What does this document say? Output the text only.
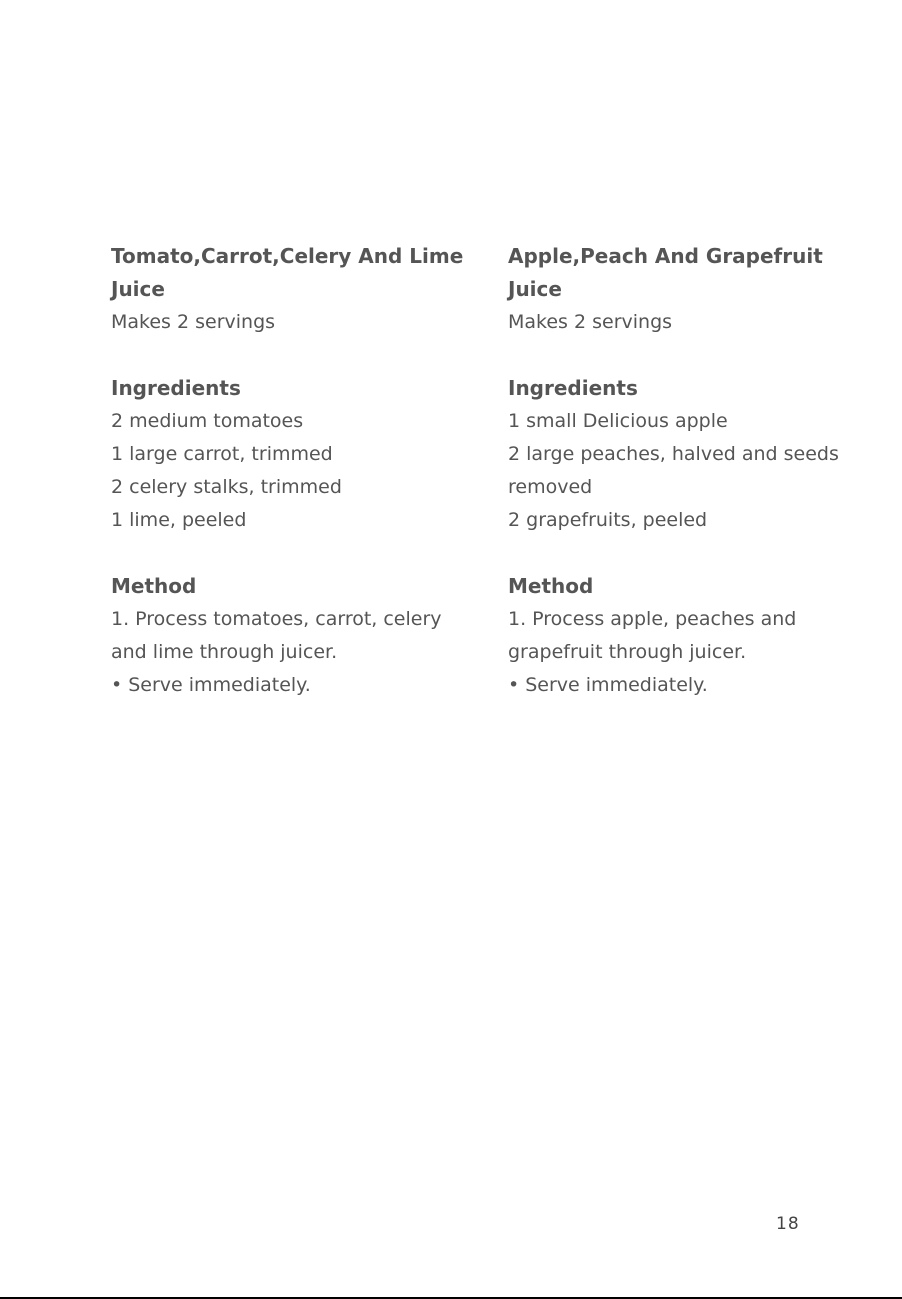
Tomato,Carrot,Celery And Lime

Juice

Makes 2 servings

Ingredients

2 medium tomatoes

1 large carrot, trimmed

2 celery stalks, trimmed

1 lime, peeled

Method

1. Process tomatoes, carrot, celery

and lime through juicer.

• Serve immediately.

Apple,Peach And Grapefruit

Juice

Makes 2 servings

Ingredients

1 small Delicious apple

2 large peaches, halved and seeds

removed

2 grapefruits, peeled

Method

1. Process apple, peaches and

grapefruit through juicer.

• Serve immediately.

18
